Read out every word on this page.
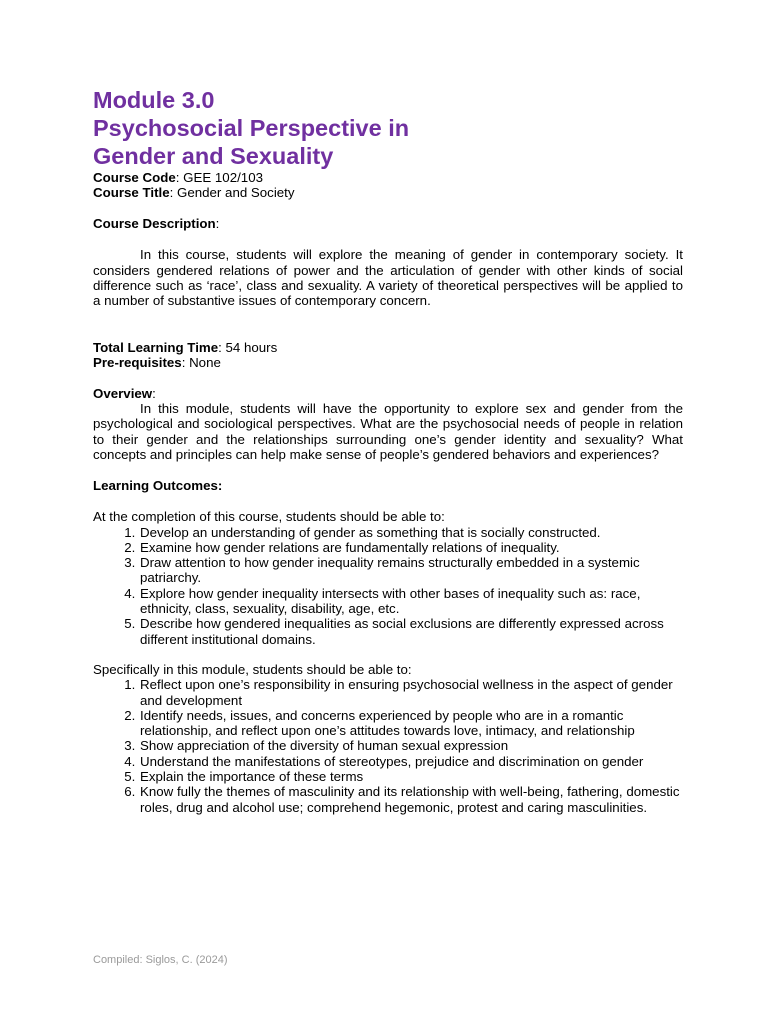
Module 3.0

Psychosocial Perspective in

Gender and Sexuality

Course Code: GEE 102/103

Course Title: Gender and Society

Course Description:

In this course, students will explore the meaning of gender in contemporary society. It considers gendered relations of power and the articulation of gender with other kinds of social difference such as ‘race’, class and sexuality. A variety of theoretical perspectives will be applied to a number of substantive issues of contemporary concern.

Total Learning Time: 54 hours

Pre-requisites: None

Overview:

In this module, students will have the opportunity to explore sex and gender from the psychological and sociological perspectives. What are the psychosocial needs of people in relation to their gender and the relationships surrounding one’s gender identity and sexuality? What concepts and principles can help make sense of people’s gendered behaviors and experiences?

Learning Outcomes:

At the completion of this course, students should be able to:

1. Develop an understanding of gender as something that is socially constructed.
2. Examine how gender relations are fundamentally relations of inequality.
3. Draw attention to how gender inequality remains structurally embedded in a systemic patriarchy.
4. Explore how gender inequality intersects with other bases of inequality such as: race, ethnicity, class, sexuality, disability, age, etc.
5. Describe how gendered inequalities as social exclusions are differently expressed across different institutional domains.

Specifically in this module, students should be able to:

1. Reflect upon one’s responsibility in ensuring psychosocial wellness in the aspect of gender and development
2. Identify needs, issues, and concerns experienced by people who are in a romantic relationship, and reflect upon one’s attitudes towards love, intimacy, and relationship
3. Show appreciation of the diversity of human sexual expression
4. Understand the manifestations of stereotypes, prejudice and discrimination on gender
5. Explain the importance of these terms
6. Know fully the themes of masculinity and its relationship with well-being, fathering, domestic roles, drug and alcohol use; comprehend hegemonic, protest and caring masculinities.
Compiled: Siglos, C. (2024)
